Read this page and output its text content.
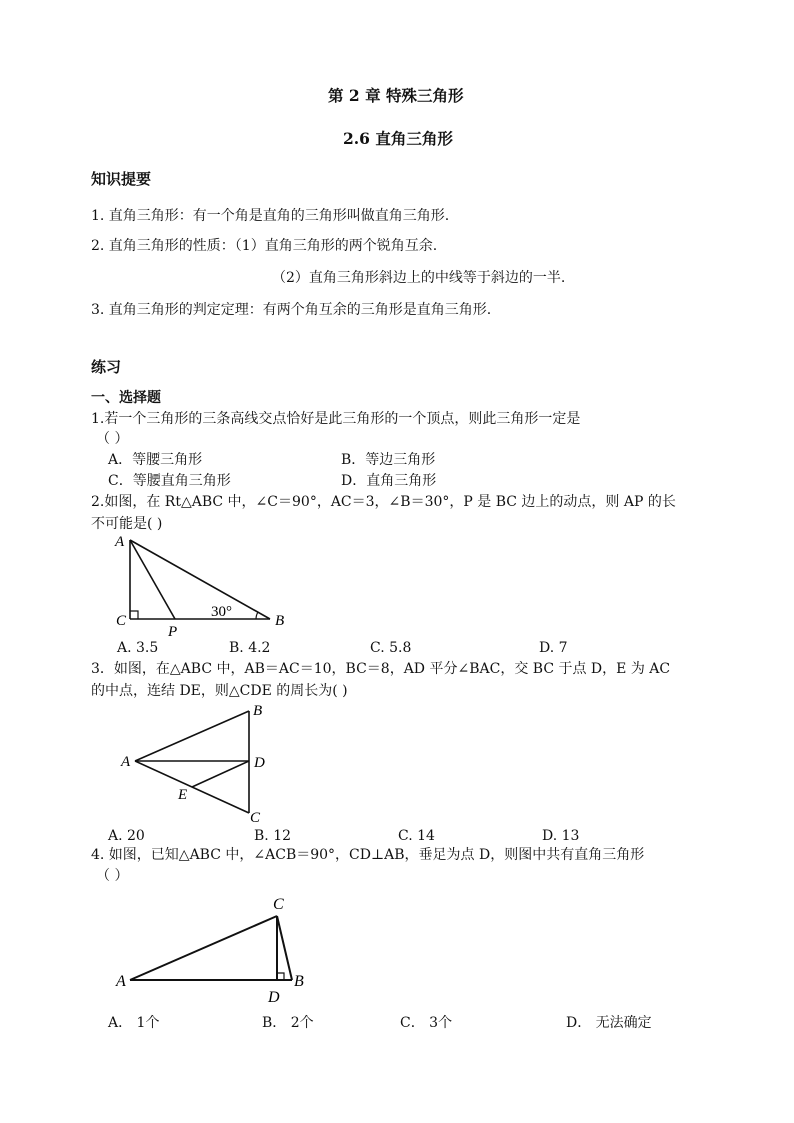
第 2 章 特殊三角形
2.6 直角三角形
知识提要
1. 直角三角形：有一个角是直角的三角形叫做直角三角形.
2. 直角三角形的性质：（1）直角三角形的两个锐角互余.
（2）直角三角形斜边上的中线等于斜边的一半.
3. 直角三角形的判定定理：有两个角互余的三角形是直角三角形.
练习
一、选择题
1.若一个三角形的三条高线交点恰好是此三角形的一个顶点，则此三角形一定是
（ ）
A．等腰三角形	B．等边三角形
C．等腰直角三角形	D．直角三角形
2.如图，在 Rt△ABC 中，∠C＝90°，AC＝3，∠B＝30°，P 是 BC 边上的动点，则 AP 的长
不可能是( )
A
C
P
B
30°
A. 3.5	B. 4.2	C. 5.8	D. 7
3．如图，在△ABC 中，AB＝AC＝10，BC＝8，AD 平分∠BAC，交 BC 于点 D，E 为 AC
的中点，连结 DE，则△CDE 的周长为( )
B
A	D
E
C
A. 20	B. 12	C. 14	D. 13
4. 如图，已知△ABC 中，∠ACB＝90°，CD⊥AB，垂足为点 D，则图中共有直角三角形
（ ）
C
A	B
D
A． 1个	B． 2个	C． 3个	D． 无法确定
